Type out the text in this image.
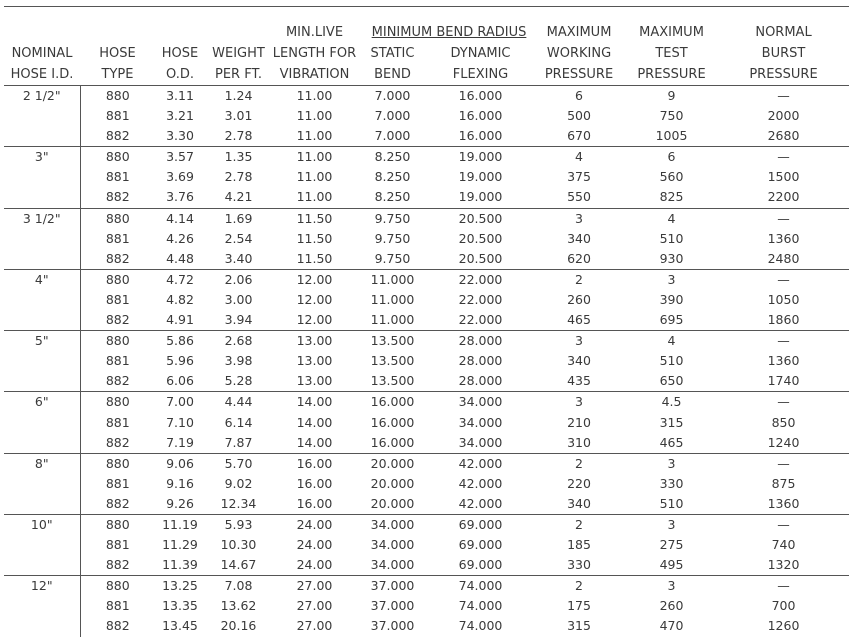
				MIN.LIVE	MINIMUM BEND RADIUS		MAXIMUM	MAXIMUM	NORMAL
NOMINAL	HOSE	HOSE	WEIGHT	LENGTH FOR	STATIC	DYNAMIC	WORKING	TEST	BURST
HOSE I.D.	TYPE	O.D.	PER FT.	VIBRATION	BEND	FLEXING	PRESSURE	PRESSURE	PRESSURE
2 1/2"	880	3.11	1.24	11.00	7.000	16.000	6	9	—
	881	3.21	3.01	11.00	7.000	16.000	500	750	2000
	882	3.30	2.78	11.00	7.000	16.000	670	1005	2680
3"	880	3.57	1.35	11.00	8.250	19.000	4	6	—
	881	3.69	2.78	11.00	8.250	19.000	375	560	1500
	882	3.76	4.21	11.00	8.250	19.000	550	825	2200
3 1/2"	880	4.14	1.69	11.50	9.750	20.500	3	4	—
	881	4.26	2.54	11.50	9.750	20.500	340	510	1360
	882	4.48	3.40	11.50	9.750	20.500	620	930	2480
4"	880	4.72	2.06	12.00	11.000	22.000	2	3	—
	881	4.82	3.00	12.00	11.000	22.000	260	390	1050
	882	4.91	3.94	12.00	11.000	22.000	465	695	1860
5"	880	5.86	2.68	13.00	13.500	28.000	3	4	—
	881	5.96	3.98	13.00	13.500	28.000	340	510	1360
	882	6.06	5.28	13.00	13.500	28.000	435	650	1740
6"	880	7.00	4.44	14.00	16.000	34.000	3	4.5	—
	881	7.10	6.14	14.00	16.000	34.000	210	315	850
	882	7.19	7.87	14.00	16.000	34.000	310	465	1240
8"	880	9.06	5.70	16.00	20.000	42.000	2	3	—
	881	9.16	9.02	16.00	20.000	42.000	220	330	875
	882	9.26	12.34	16.00	20.000	42.000	340	510	1360
10"	880	11.19	5.93	24.00	34.000	69.000	2	3	—
	881	11.29	10.30	24.00	34.000	69.000	185	275	740
	882	11.39	14.67	24.00	34.000	69.000	330	495	1320
12"	880	13.25	7.08	27.00	37.000	74.000	2	3	—
	881	13.35	13.62	27.00	37.000	74.000	175	260	700
	882	13.45	20.16	27.00	37.000	74.000	315	470	1260
